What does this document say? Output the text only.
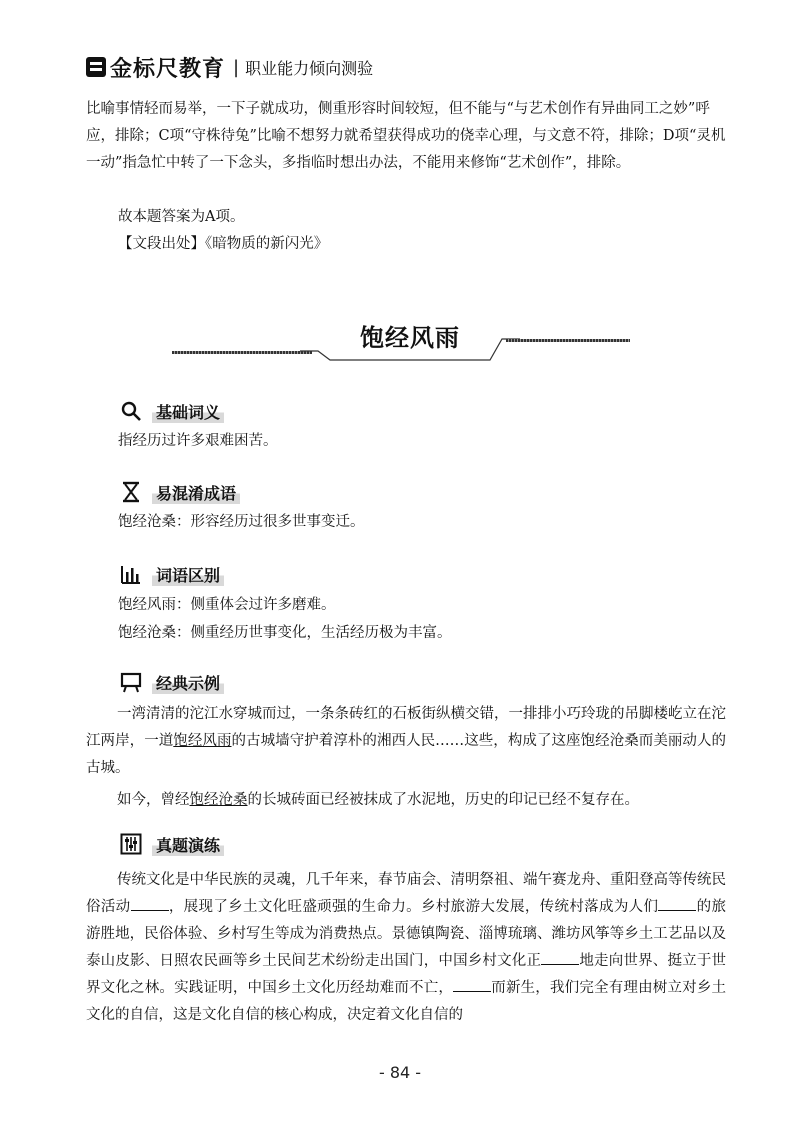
金标尺教育 | 职业能力倾向测验

比喻事情轻而易举，一下子就成功，侧重形容时间较短，但不能与“与艺术创作有异曲同工之妙”呼应，排除；C项“守株待兔”比喻不想努力就希望获得成功的侥幸心理，与文意不符，排除；D项“灵机一动”指急忙中转了一下念头，多指临时想出办法，不能用来修饰“艺术创作”，排除。

故本题答案为A项。

【文段出处】《暗物质的新闪光》

饱经风雨
基础词义
指经历过许多艰难困苦。
易混淆成语
饱经沧桑：形容经历过很多世事变迁。
词语区别
饱经风雨：侧重体会过许多磨难。
饱经沧桑：侧重经历世事变化，生活经历极为丰富。
经典示例
一湾清清的沱江水穿城而过，一条条砖红的石板街纵横交错，一排排小巧玲珑的吊脚楼屹立在沱江两岸，一道饱经风雨的古城墙守护着淳朴的湘西人民……这些，构成了这座饱经沧桑而美丽动人的古城。
如今，曾经饱经沧桑的长城砖面已经被抹成了水泥地，历史的印记已经不复存在。
真题演练
传统文化是中华民族的灵魂，几千年来，春节庙会、清明祭祖、端午赛龙舟、重阳登高等传统民俗活动	，展现了乡土文化旺盛顽强的生命力。乡村旅游大发展，传统村落成为人们	的旅游胜地，民俗体验、乡村写生等成为消费热点。景德镇陶瓷、淄博琉璃、潍坊风筝等乡土工艺品以及泰山皮影、日照农民画等乡土民间艺术纷纷走出国门，中国乡村文化正	地走向世界、挺立于世界文化之林。实践证明，中国乡土文化历经劫难而不亡，	而新生，我们完全有理由树立对乡土文化的自信，这是文化自信的核心构成，决定着文化自信的
- 84 -
